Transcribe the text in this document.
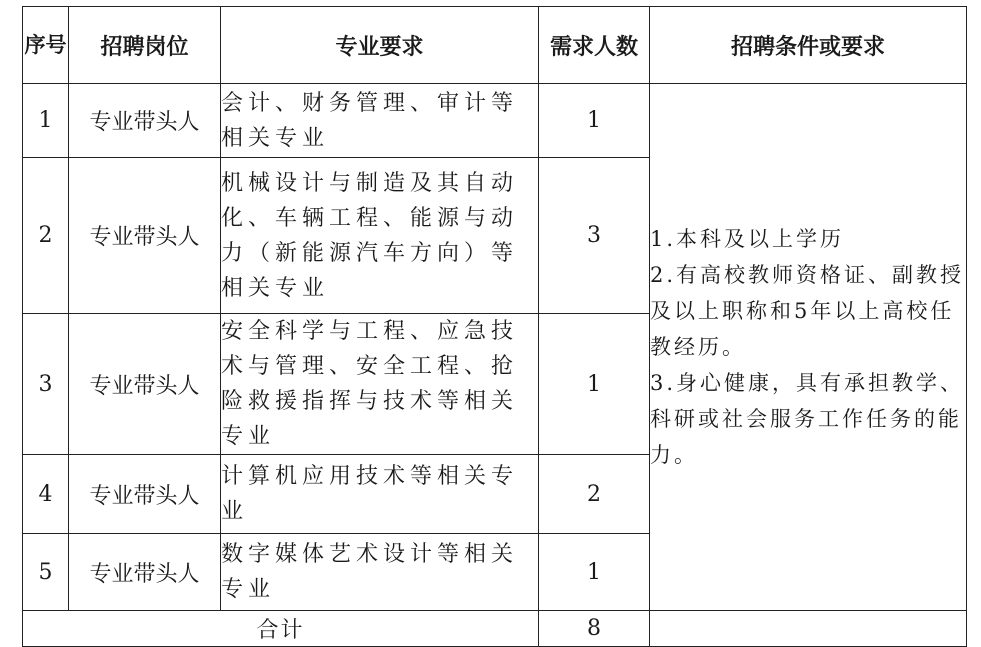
序号	招聘岗位	专业要求	需求人数	招聘条件或要求
1	专业带头人	会计、财务管理、审计等相关专业	1	1.本科及以上学历
2.有高校教师资格证、副教授及以上职称和5年以上高校任教经历。
3.身心健康，具有承担教学、科研或社会服务工作任务的能力。

2	专业带头人	机械设计与制造及其自动化、车辆工程、能源与动力（新能源汽车方向）等相关专业	3	
3	专业带头人	安全科学与工程、应急技术与管理、安全工程、抢险救援指挥与技术等相关专业	1	
4	专业带头人	计算机应用技术等相关专业	2	
5	专业带头人	数字媒体艺术设计等相关专业	1	
合计			8	
